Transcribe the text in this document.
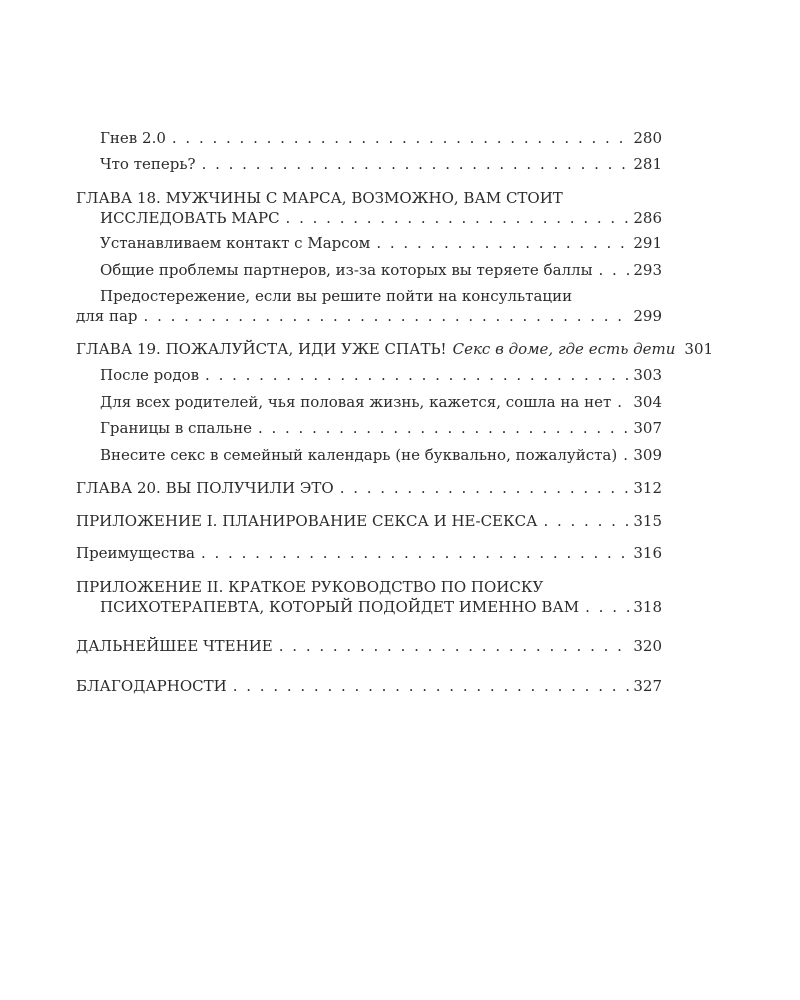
Гнев 2.0 . . .	280
Что теперь? . . .	281
ГЛАВА 18. МУЖЧИНЫ С МАРСА, ВОЗМОЖНО, ВАМ СТОИТ
ИССЛЕДОВАТЬ МАРС . . .	286
Устанавливаем контакт с Марсом . . .	291
Общие проблемы партнеров, из-за которых вы теряете баллы . . .	293
Предостережение, если вы решите пойти на консультации
для пар . . .	299
ГЛАВА 19. ПОЖАЛУЙСТА, ИДИ УЖЕ СПАТЬ! Секс в доме, где есть дети 301
После родов . . .	303
Для всех родителей, чья половая жизнь, кажется, сошла на нет . . . 304
Границы в спальне . . .	307
Внесите секс в семейный календарь (не буквально, пожалуйста) . . . 309
ГЛАВА 20. ВЫ ПОЛУЧИЛИ ЭТО . . .	312
ПРИЛОЖЕНИЕ I. ПЛАНИРОВАНИЕ СЕКСА И НЕ-СЕКСА . . .	315
Преимущества . . .	316
ПРИЛОЖЕНИЕ II. КРАТКОЕ РУКОВОДСТВО ПО ПОИСКУ
ПСИХОТЕРАПЕВТА, КОТОРЫЙ ПОДОЙДЕТ ИМЕННО ВАМ . . .	318
ДАЛЬНЕЙШЕЕ ЧТЕНИЕ . . .	320
БЛАГОДАРНОСТИ . . .	327
